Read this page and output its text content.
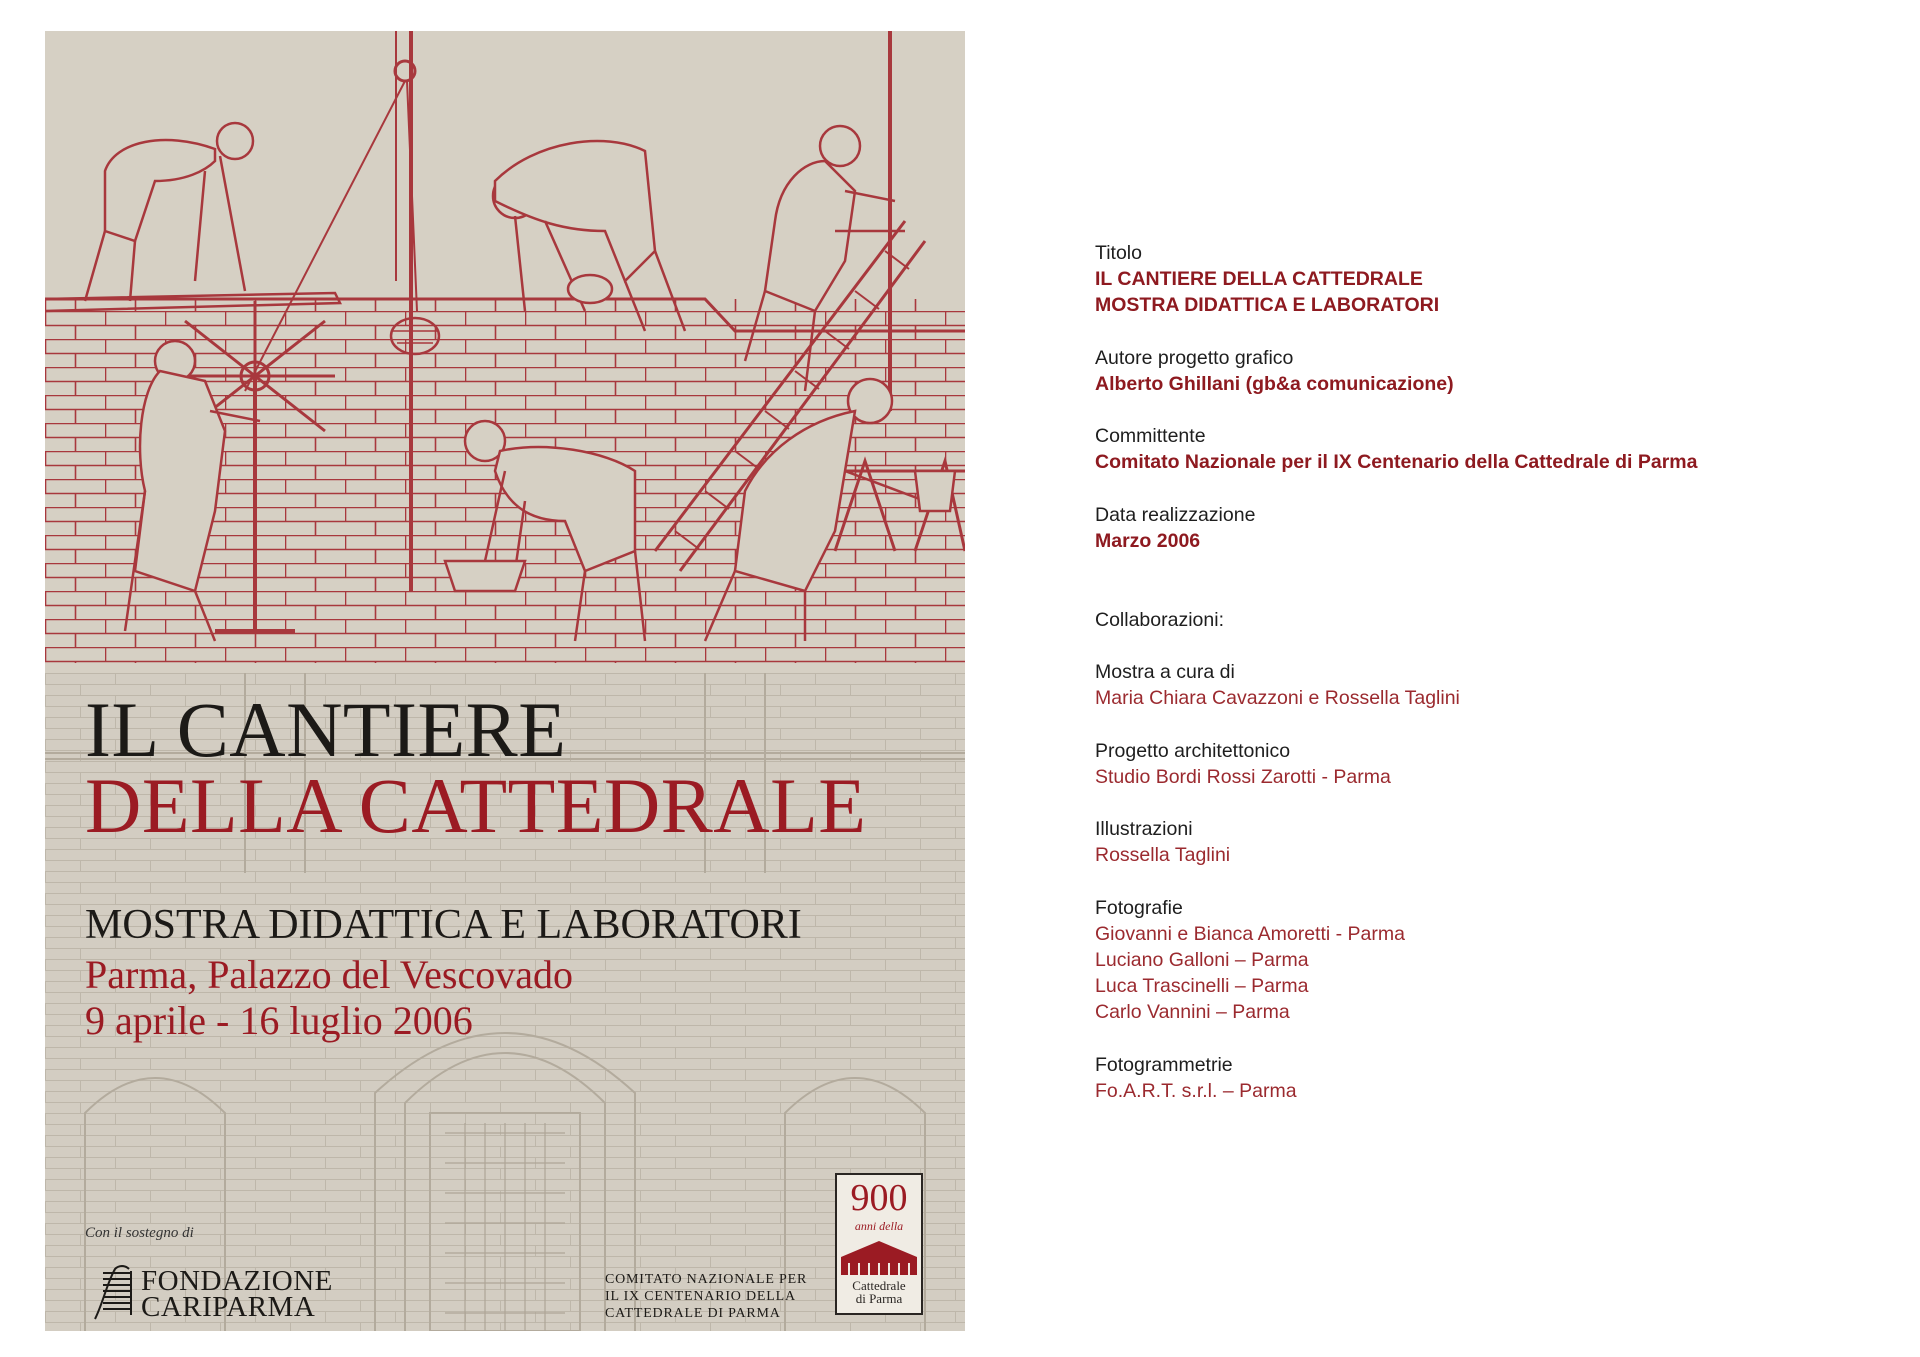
IL CANTIERE
DELLA CATTEDRALE
MOSTRA DIDATTICA E LABORATORI
Parma, Palazzo del Vescovado
9 aprile - 16 luglio 2006
Con il sostegno di
FONDAZIONE
CARIPARMA
COMITATO NAZIONALE PER
IL IX CENTENARIO DELLA
CATTEDRALE DI PARMA
900
anni della
Cattedrale
di Parma
Titolo
IL CANTIERE DELLA CATTEDRALE
MOSTRA DIDATTICA E LABORATORI
Autore progetto grafico
Alberto Ghillani (gb&a comunicazione)
Committente
Comitato Nazionale per il IX Centenario della Cattedrale di Parma
Data realizzazione
Marzo 2006
Collaborazioni:
Mostra a cura di
Maria Chiara Cavazzoni e Rossella Taglini
Progetto architettonico
Studio Bordi Rossi Zarotti - Parma
Illustrazioni
Rossella Taglini
Fotografie
Giovanni e Bianca Amoretti - Parma
Luciano Galloni – Parma
Luca Trascinelli – Parma
Carlo Vannini – Parma
Fotogrammetrie
Fo.A.R.T. s.r.l. – Parma
